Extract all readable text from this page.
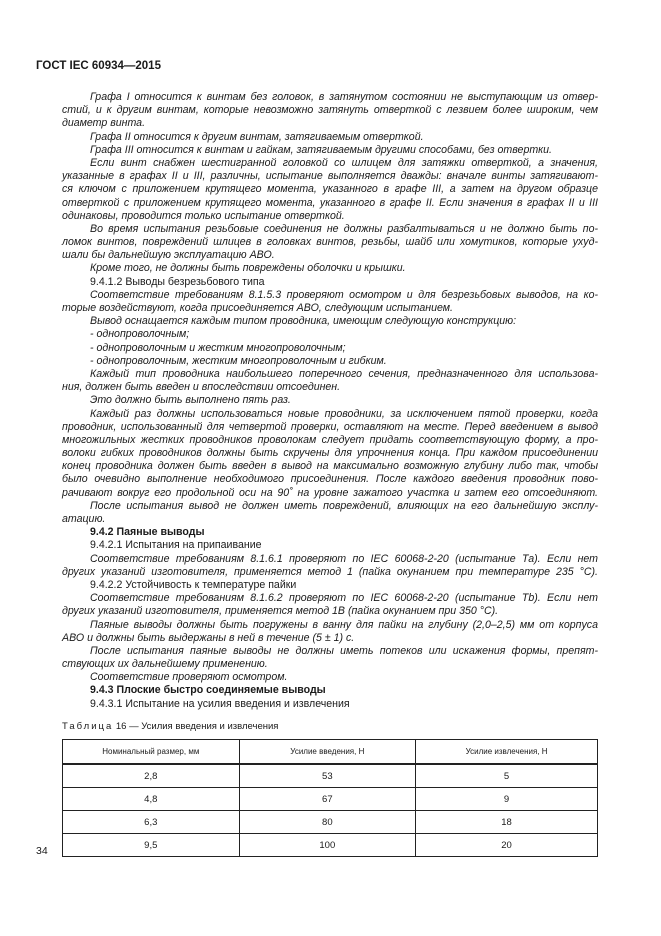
ГОСТ IEC 60934—2015
Графа I относится к винтам без головок, в затянутом состоянии не выступающим из отвер-
стий, и к другим винтам, которые невозможно затянуть отверткой с лезвием более широким, чем
диаметр винта.
Графа II относится к другим винтам, затягиваемым отверткой.
Графа III относится к винтам и гайкам, затягиваемым другими способами, без отвертки.
Если винт снабжен шестигранной головкой со шлицем для затяжки отверткой, а значения,
указанные в графах II и III, различны, испытание выполняется дважды: вначале винты затягивают-
ся ключом с приложением крутящего момента, указанного в графе III, а затем на другом образце
отверткой с приложением крутящего момента, указанного в графе II. Если значения в графах II и III
одинаковы, проводится только испытание отверткой.
Во время испытания резьбовые соединения не должны разбалтываться и не должно быть по-
ломок винтов, повреждений шлицев в головках винтов, резьбы, шайб или хомутиков, которые ухуд-
шали бы дальнейшую эксплуатацию АВО.
Кроме того, не должны быть повреждены оболочки и крышки.
9.4.1.2 Выводы безрезьбового типа
Соответствие требованиям 8.1.5.3 проверяют осмотром и для безрезьбовых выводов, на ко-
торые воздействуют, когда присоединяется АВО, следующим испытанием.
Вывод оснащается каждым типом проводника, имеющим следующую конструкцию:
- однопроволочным;
- однопроволочным и жестким многопроволочным;
- однопроволочным, жестким многопроволочным и гибким.
Каждый тип проводника наибольшего поперечного сечения, предназначенного для использова-
ния, должен быть введен и впоследствии отсоединен.
Это должно быть выполнено пять раз.
Каждый раз должны использоваться новые проводники, за исключением пятой проверки, когда
проводник, использованный для четвертой проверки, оставляют на месте. Перед введением в вывод
многожильных жестких проводников проволокам следует придать соответствующую форму, а про-
волоки гибких проводников должны быть скручены для упрочнения конца. При каждом присоединении
конец проводника должен быть введен в вывод на максимально возможную глубину либо так, чтобы
было очевидно выполнение необходимого присоединения. После каждого введения проводник пово-
рачивают вокруг его продольной оси на 90˚ на уровне зажатого участка и затем его отсоединяют.
После испытания вывод не должен иметь повреждений, влияющих на его дальнейшую эксплу-
атацию.
9.4.2 Паяные выводы
9.4.2.1 Испытания на припаивание
Соответствие требованиям 8.1.6.1 проверяют по IEC 60068-2-20 (испытание Та). Если нет
других указаний изготовителя, применяется метод 1 (пайка окунанием при температуре 235 °С).
9.4.2.2 Устойчивость к температуре пайки
Соответствие требованиям 8.1.6.2 проверяют по IEC 60068-2-20 (испытание Tb). Если нет
других указаний изготовителя, применяется метод 1В (пайка окунанием при 350 °С).
Паяные выводы должны быть погружены в ванну для пайки на глубину (2,0–2,5) мм от корпуса
АВО и должны быть выдержаны в ней в течение (5 ± 1) с.
После испытания паяные выводы не должны иметь потеков или искажения формы, препят-
ствующих их дальнейшему применению.
Соответствие проверяют осмотром.
9.4.3 Плоские быстро соединяемые выводы
9.4.3.1 Испытание на усилия введения и извлечения
Таблица 16 — Усилия введения и извлечения
Номинальный размер, мм	Усилие введения, Н	Усилие извлечения, Н
2,8	53	5
4,8	67	9
6,3	80	18
9,5	100	20
34
